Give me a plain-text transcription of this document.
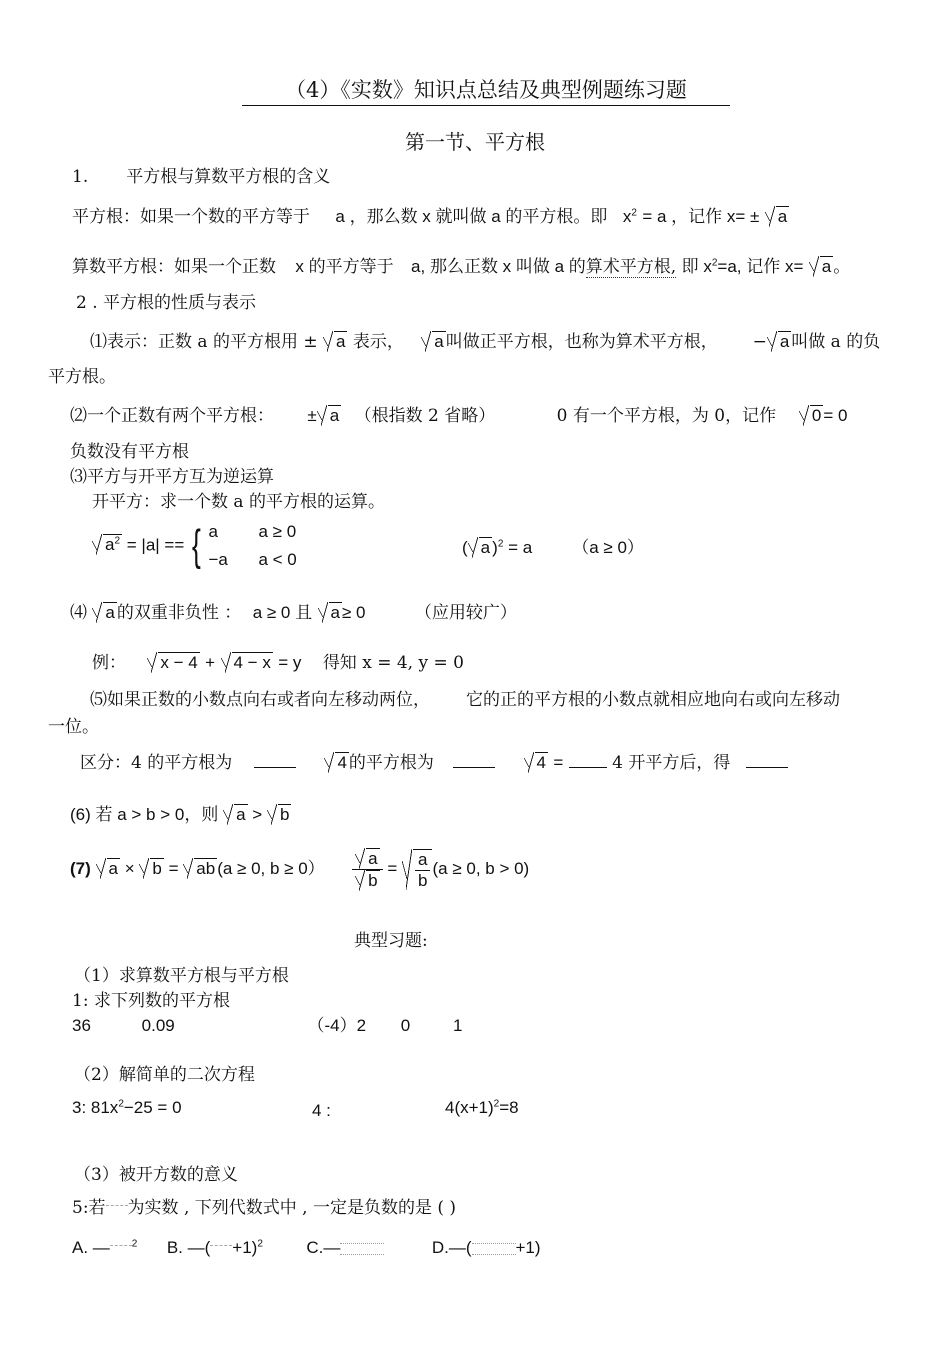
（4）《实数》知识点总结及典型例题练习题
第一节、平方根
1. 平方根与算数平方根的含义
平方根：如果一个数的平方等于 a ，那么数 x 就叫做 a 的平方根。即 $x^2 = a$ ，记作 x= ± a
算数平方根：如果一个正数 x 的平方等于 a, 那么正数 x 叫做 a 的算术平方根, 即 $x^2=a$, 记作 x= a 。
2 . 平方根的性质与表示
⑴表示：正数 a 的平方根用 ± a 表示， a 叫做正平方根，也称为算术平方根， − a 叫做 a 的负
平方根。
⑵一个正数有两个平方根： ± a （根指数 2 省略）	0 有一个平方根，为 0，记作 0 = 0
负数没有平方根
⑶平方与开平方互为逆运算
开平方：求一个数 a 的平方根的运算。
$a^2 = |a|$ == { a a ≥ 0
−a a < 0
( a )$^2$ = a （a ≥ 0）
⑷ a 的双重非负性 ： a ≥ 0 且 a ≥ 0	（应用较广）
例： x − 4 + 4 − x = y 得知 x = 4, y = 0
⑸如果正数的小数点向右或者向左移动两位， 它的正的平方根的小数点就相应地向右或向左移动
一位。
区分：4 的平方根为	4 的平方根为	4 =	4 开平方后，得
(6) 若 a > b > 0，则 a > b
(7) a × b = ab (a ≥ 0, $b \ge 0) \frac{a}{b} = \frac{a}{b} (a \ge 0$, b > 0)
典型习题:
（1）求算数平方根与平方根
1: 求下列数的平方根
36	0.09	（-4）2 0	1
（2）解简单的二次方程
3: $81x^2-25 = 0$	4 :	$4(x+1)^2=8$
（3）被开方数的意义
5:若 为实数 , 下列代数式中 , 一定是负数的是 ( )
A. — $^2$ B. —( +1)$^2$	C.—	D.—(	+1)
